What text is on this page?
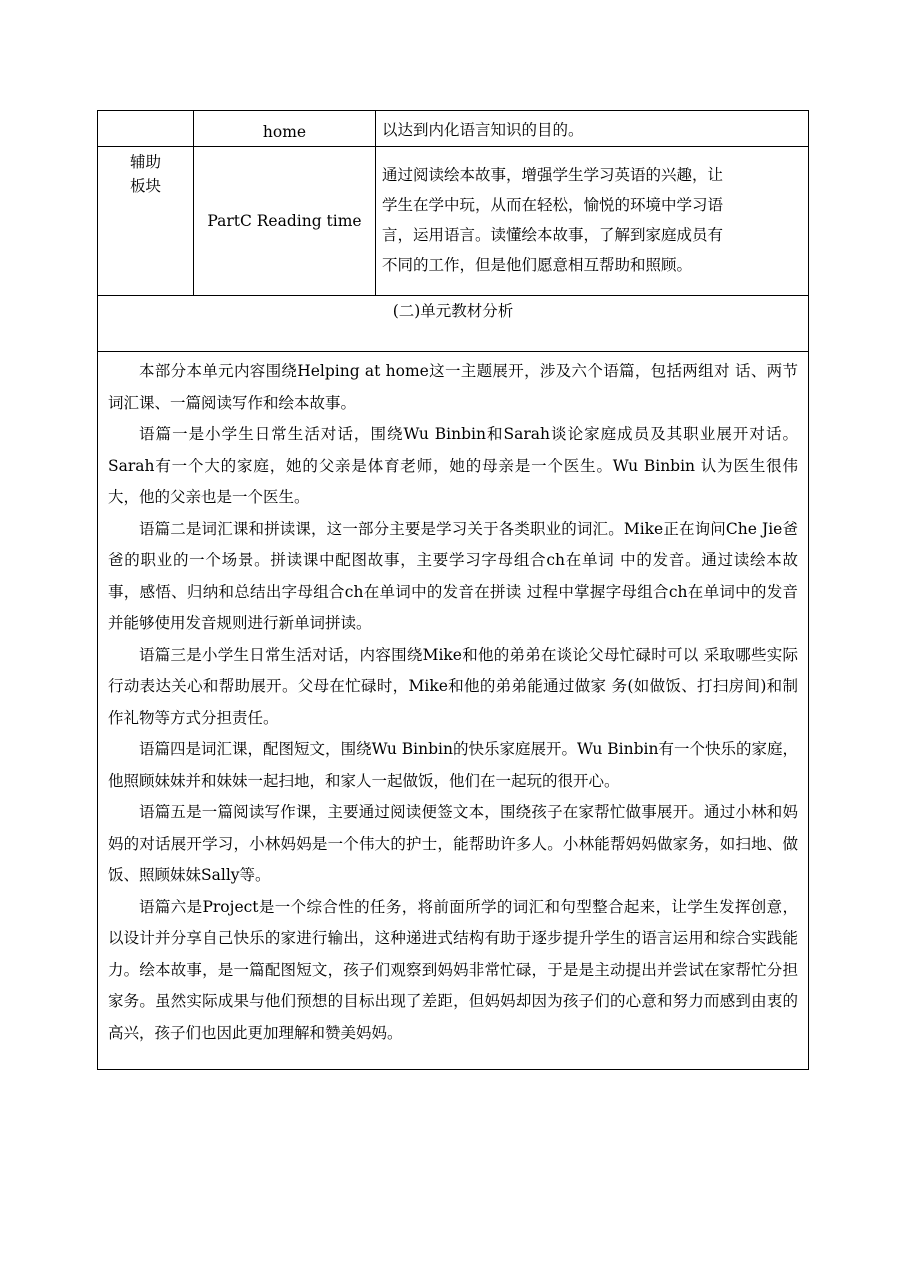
home	以达到内化语言知识的目的。
辅助
板块
PartC Reading time
通过阅读绘本故事，增强学生学习英语的兴趣，让
学生在学中玩，从而在轻松，愉悦的环境中学习语
言，运用语言。读懂绘本故事，了解到家庭成员有
不同的工作，但是他们愿意相互帮助和照顾。
(二)单元教材分析

本部分本单元内容围绕Helping at home这一主题展开，涉及六个语篇，包括两组对 话、两节词汇课、一篇阅读写作和绘本故事。

语篇一是小学生日常生活对话，围绕Wu Binbin和Sarah谈论家庭成员及其职业展开对话。Sarah有一个大的家庭，她的父亲是体育老师，她的母亲是一个医生。Wu Binbin 认为医生很伟大，他的父亲也是一个医生。

语篇二是词汇课和拼读课，这一部分主要是学习关于各类职业的词汇。Mike正在询问Che Jie爸爸的职业的一个场景。拼读课中配图故事，主要学习字母组合ch在单词 中的发音。通过读绘本故事，感悟、归纳和总结出字母组合ch在单词中的发音在拼读 过程中掌握字母组合ch在单词中的发音并能够使用发音规则进行新单词拼读。

语篇三是小学生日常生活对话，内容围绕Mike和他的弟弟在谈论父母忙碌时可以 采取哪些实际行动表达关心和帮助展开。父母在忙碌时，Mike和他的弟弟能通过做家 务(如做饭、打扫房间)和制作礼物等方式分担责任。

语篇四是词汇课，配图短文，围绕Wu Binbin的快乐家庭展开。Wu Binbin有一个快乐的家庭，他照顾妹妹并和妹妹一起扫地，和家人一起做饭，他们在一起玩的很开心。

语篇五是一篇阅读写作课，主要通过阅读便签文本，围绕孩子在家帮忙做事展开。通过小林和妈妈的对话展开学习，小林妈妈是一个伟大的护士，能帮助许多人。小林能帮妈妈做家务，如扫地、做饭、照顾妹妹Sally等。

语篇六是Project是一个综合性的任务，将前面所学的词汇和句型整合起来，让学生发挥创意，以设计并分享自己快乐的家进行输出，这种递进式结构有助于逐步提升学生的语言运用和综合实践能力。绘本故事，是一篇配图短文，孩子们观察到妈妈非常忙碌，于是是主动提出并尝试在家帮忙分担家务。虽然实际成果与他们预想的目标出现了差距，但妈妈却因为孩子们的心意和努力而感到由衷的高兴，孩子们也因此更加理解和赞美妈妈。
